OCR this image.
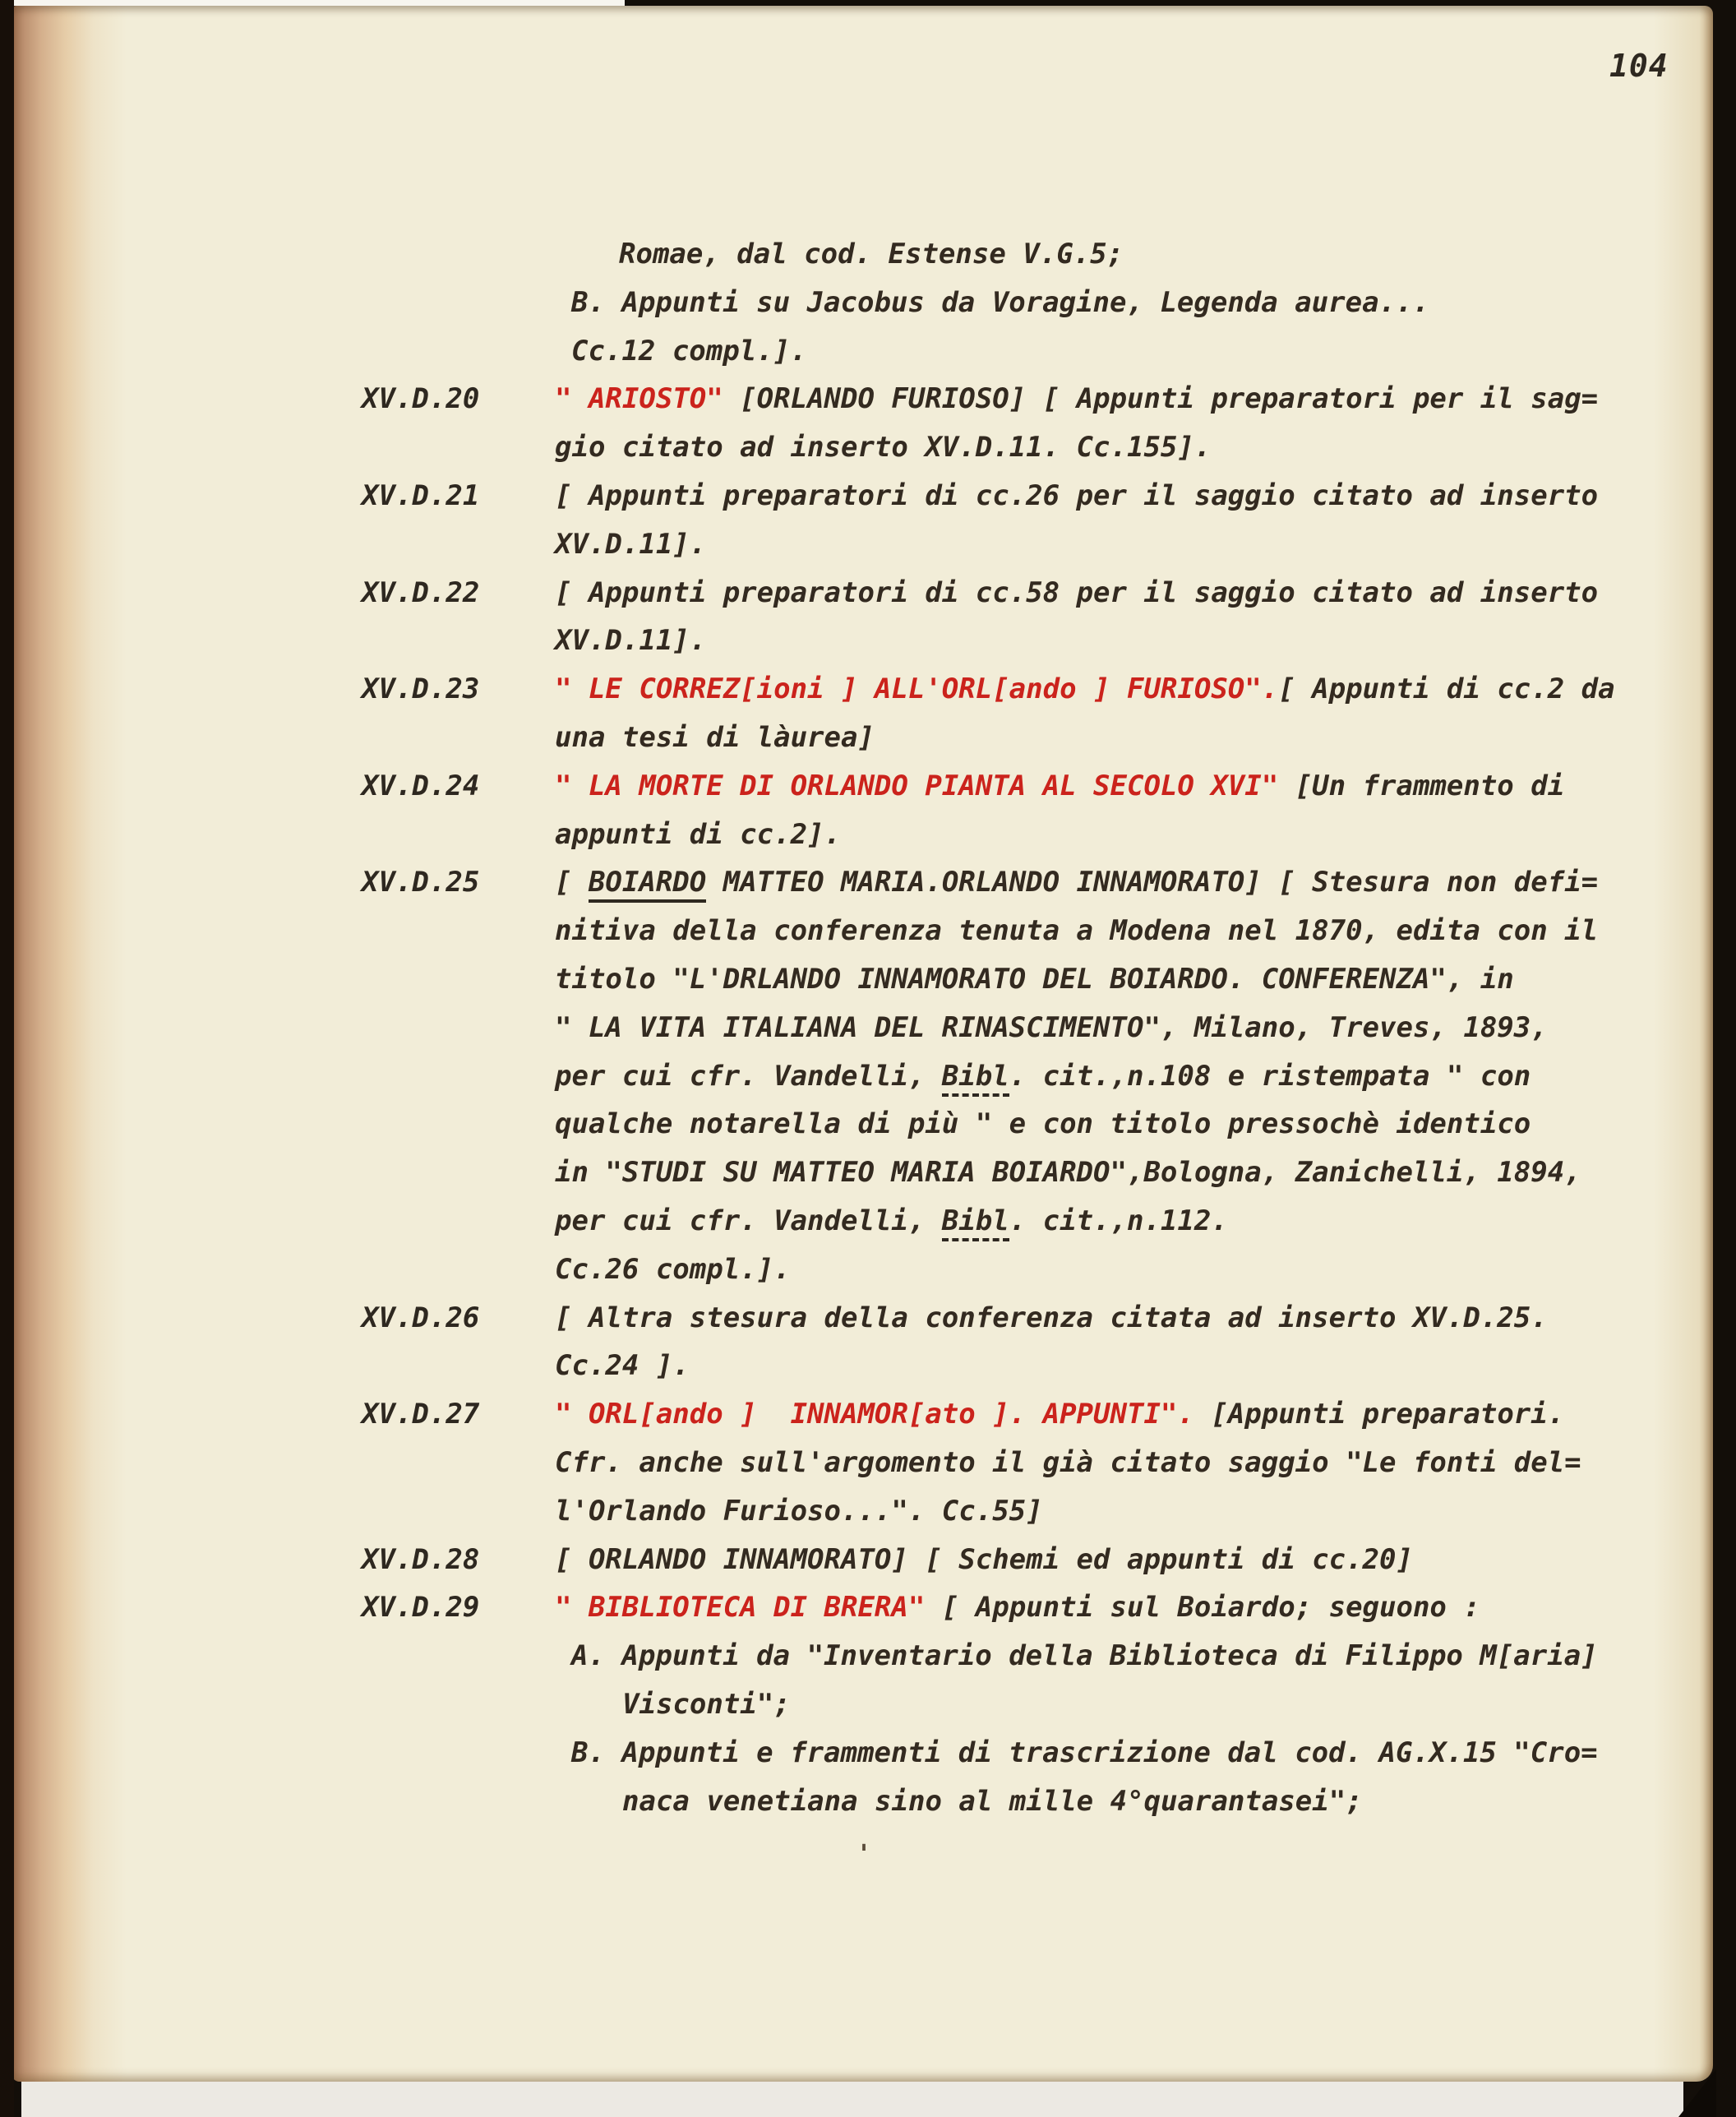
104
Romae, dal cod. Estense V.G.5;
B. Appunti su Jacobus da Voragine, Legenda aurea...
Cc.12 compl.].
XV.D.20	" ARIOSTO" [ORLANDO FURIOSO] [ Appunti preparatori per il sag=
gio citato ad inserto XV.D.11. Cc.155].
XV.D.21	[ Appunti preparatori di cc.26 per il saggio citato ad inserto
XV.D.11].
XV.D.22	[ Appunti preparatori di cc.58 per il saggio citato ad inserto
XV.D.11].
XV.D.23	" LE CORREZ[ioni ] ALL'ORL[ando ] FURIOSO".[ Appunti di cc.2 da
una tesi di làurea]
XV.D.24	" LA MORTE DI ORLANDO PIANTA AL SECOLO XVI" [Un frammento di
appunti di cc.2].
XV.D.25	[ BOIARDO MATTEO MARIA.ORLANDO INNAMORATO] [ Stesura non defi=
nitiva della conferenza tenuta a Modena nel 1870, edita con il
titolo "L'DRLANDO INNAMORATO DEL BOIARDO. CONFERENZA", in
" LA VITA ITALIANA DEL RINASCIMENTO", Milano, Treves, 1893,
per cui cfr. Vandelli, Bibl. cit.,n.108 e ristempata " con
qualche notarella di più " e con titolo pressochè identico
in "STUDI SU MATTEO MARIA BOIARDO",Bologna, Zanichelli, 1894,
per cui cfr. Vandelli, Bibl. cit.,n.112.
Cc.26 compl.].
XV.D.26	[ Altra stesura della conferenza citata ad inserto XV.D.25.
Cc.24 ].
XV.D.27	" ORL[ando ]  INNAMOR[ato ]. APPUNTI". [Appunti preparatori.
Cfr. anche sull'argomento il già citato saggio "Le fonti del=
l'Orlando Furioso...". Cc.55]
XV.D.28	[ ORLANDO INNAMORATO] [ Schemi ed appunti di cc.20]
XV.D.29	" BIBLIOTECA DI BRERA" [ Appunti sul Boiardo; seguono :
A. Appunti da "Inventario della Biblioteca di Filippo M[aria]
Visconti";
B. Appunti e frammenti di trascrizione dal cod. AG.X.15 "Cro=
naca venetiana sino al mille 4°quarantasei";
'
